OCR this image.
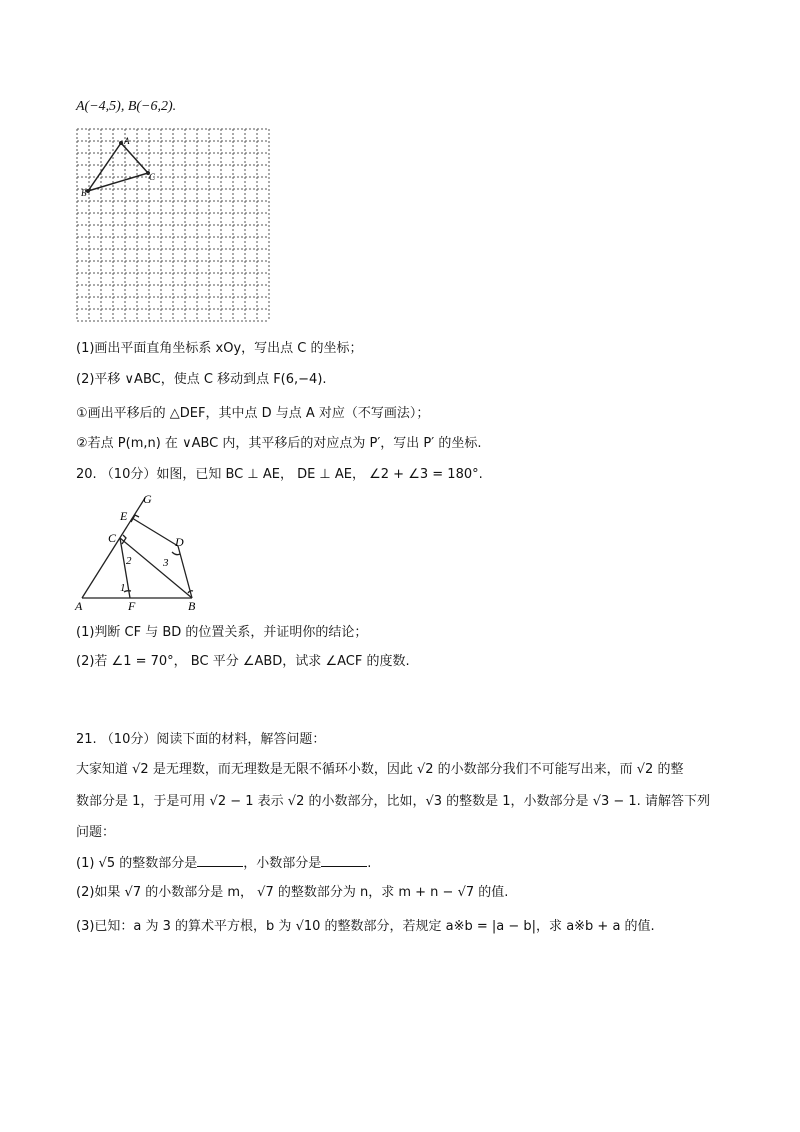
A(−4,5), B(−6,2).
A
B
C
(1)画出平面直角坐标系 xOy，写出点 C 的坐标；
(2)平移 ∨ABC，使点 C 移动到点 F(6,−4).
①画出平移后的 △DEF，其中点 D 与点 A 对应（不写画法）；
②若点 P(m,n) 在 ∨ABC 内，其平移后的对应点为 P′，写出 P′ 的坐标.
20. （10分）如图，已知 BC ⊥ AE， DE ⊥ AE， ∠2 + ∠3 = 180°.
G
E
C	D
A	F	B
1
2	3
(1)判断 CF 与 BD 的位置关系，并证明你的结论；
(2)若 ∠1 = 70°， BC 平分 ∠ABD，试求 ∠ACF 的度数.
21. （10分）阅读下面的材料，解答问题：
大家知道 √2 是无理数，而无理数是无限不循环小数，因此 √2 的小数部分我们不可能写出来，而 √2 的整
数部分是 1，于是可用 √2 − 1 表示 √2 的小数部分，比如，√3 的整数是 1，小数部分是 √3 − 1. 请解答下列
问题：
(1) √5 的整数部分是	，小数部分是	.
(2)如果 √7 的小数部分是 m， √7 的整数部分为 n，求 m + n − √7 的值.
(3)已知：a 为 3 的算术平方根，b 为 √10 的整数部分，若规定 a※b = |a − b|，求 a※b + a 的值.
